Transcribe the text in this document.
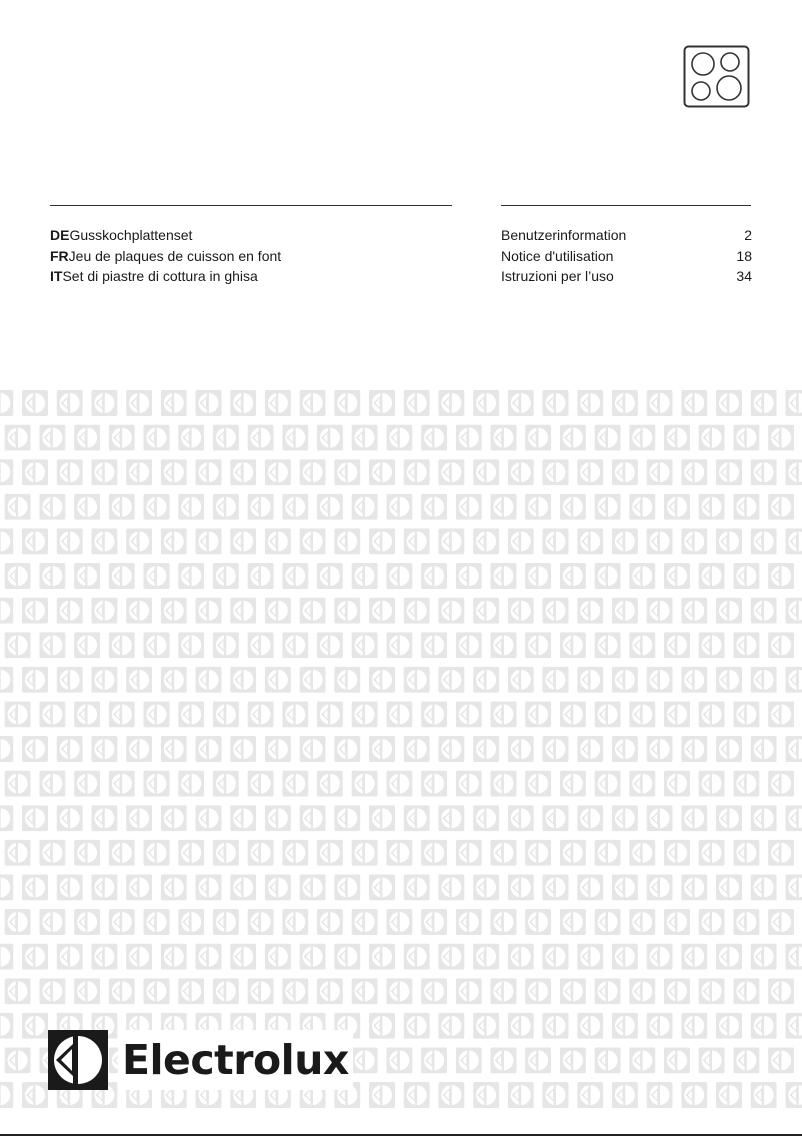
DEGusskochplattenset
FRJeu de plaques de cuisson en font
ITSet di piastre di cottura in ghisa
Benutzerinformation
Notice d'utilisation
Istruzioni per l’uso
2
18
34
Electrolux
